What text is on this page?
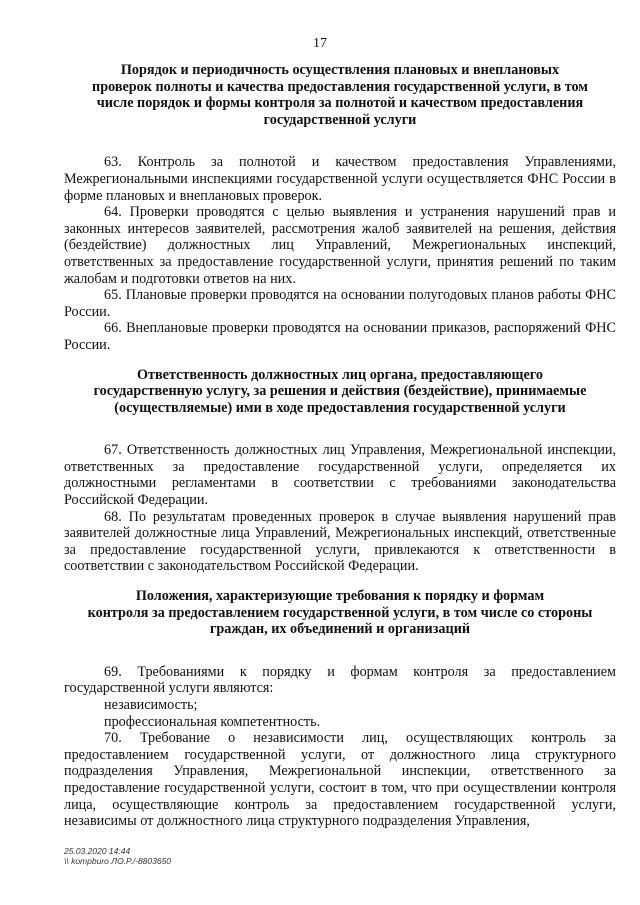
17
Порядок и периодичность осуществления плановых и внеплановых
проверок полноты и качества предоставления государственной услуги, в том
числе порядок и формы контроля за полнотой и качеством предоставления
государственной услуги

63. Контроль за полнотой и качеством предоставления Управлениями, Межрегиональными инспекциями государственной услуги осуществляется ФНС России в форме плановых и внеплановых проверок.

64. Проверки проводятся с целью выявления и устранения нарушений прав и законных интересов заявителей, рассмотрения жалоб заявителей на решения, действия (бездействие) должностных лиц Управлений, Межрегиональных инспекций, ответственных за предоставление государственной услуги, принятия решений по таким жалобам и подготовки ответов на них.

65. Плановые проверки проводятся на основании полугодовых планов работы ФНС России.

66. Внеплановые проверки проводятся на основании приказов, распоряжений ФНС России.

Ответственность должностных лиц органа, предоставляющего
государственную услугу, за решения и действия (бездействие), принимаемые
(осуществляемые) ими в ходе предоставления государственной услуги

67. Ответственность должностных лиц Управления, Межрегиональной инспекции, ответственных за предоставление государственной услуги, определяется их должностными регламентами в соответствии с требованиями законодательства Российской Федерации.

68. По результатам проведенных проверок в случае выявления нарушений прав заявителей должностные лица Управлений, Межрегиональных инспекций, ответственные за предоставление государственной услуги, привлекаются к ответственности в соответствии с законодательством Российской Федерации.

Положения, характеризующие требования к порядку и формам
контроля за предоставлением государственной услуги, в том числе со стороны
граждан, их объединений и организаций

69. Требованиями к порядку и формам контроля за предоставлением государственной услуги являются:

независимость;

профессиональная компетентность.

70. Требование о независимости лиц, осуществляющих контроль за предоставлением государственной услуги, от должностного лица структурного подразделения Управления, Межрегиональной инспекции, ответственного за предоставление государственной услуги, состоит в том, что при осуществлении контроля лица, осуществляющие контроль за предоставлением государственной услуги, независимы от должностного лица структурного подразделения Управления,

25.03.2020 14:44
\\ kompburo ЛО.Р./-8803650
